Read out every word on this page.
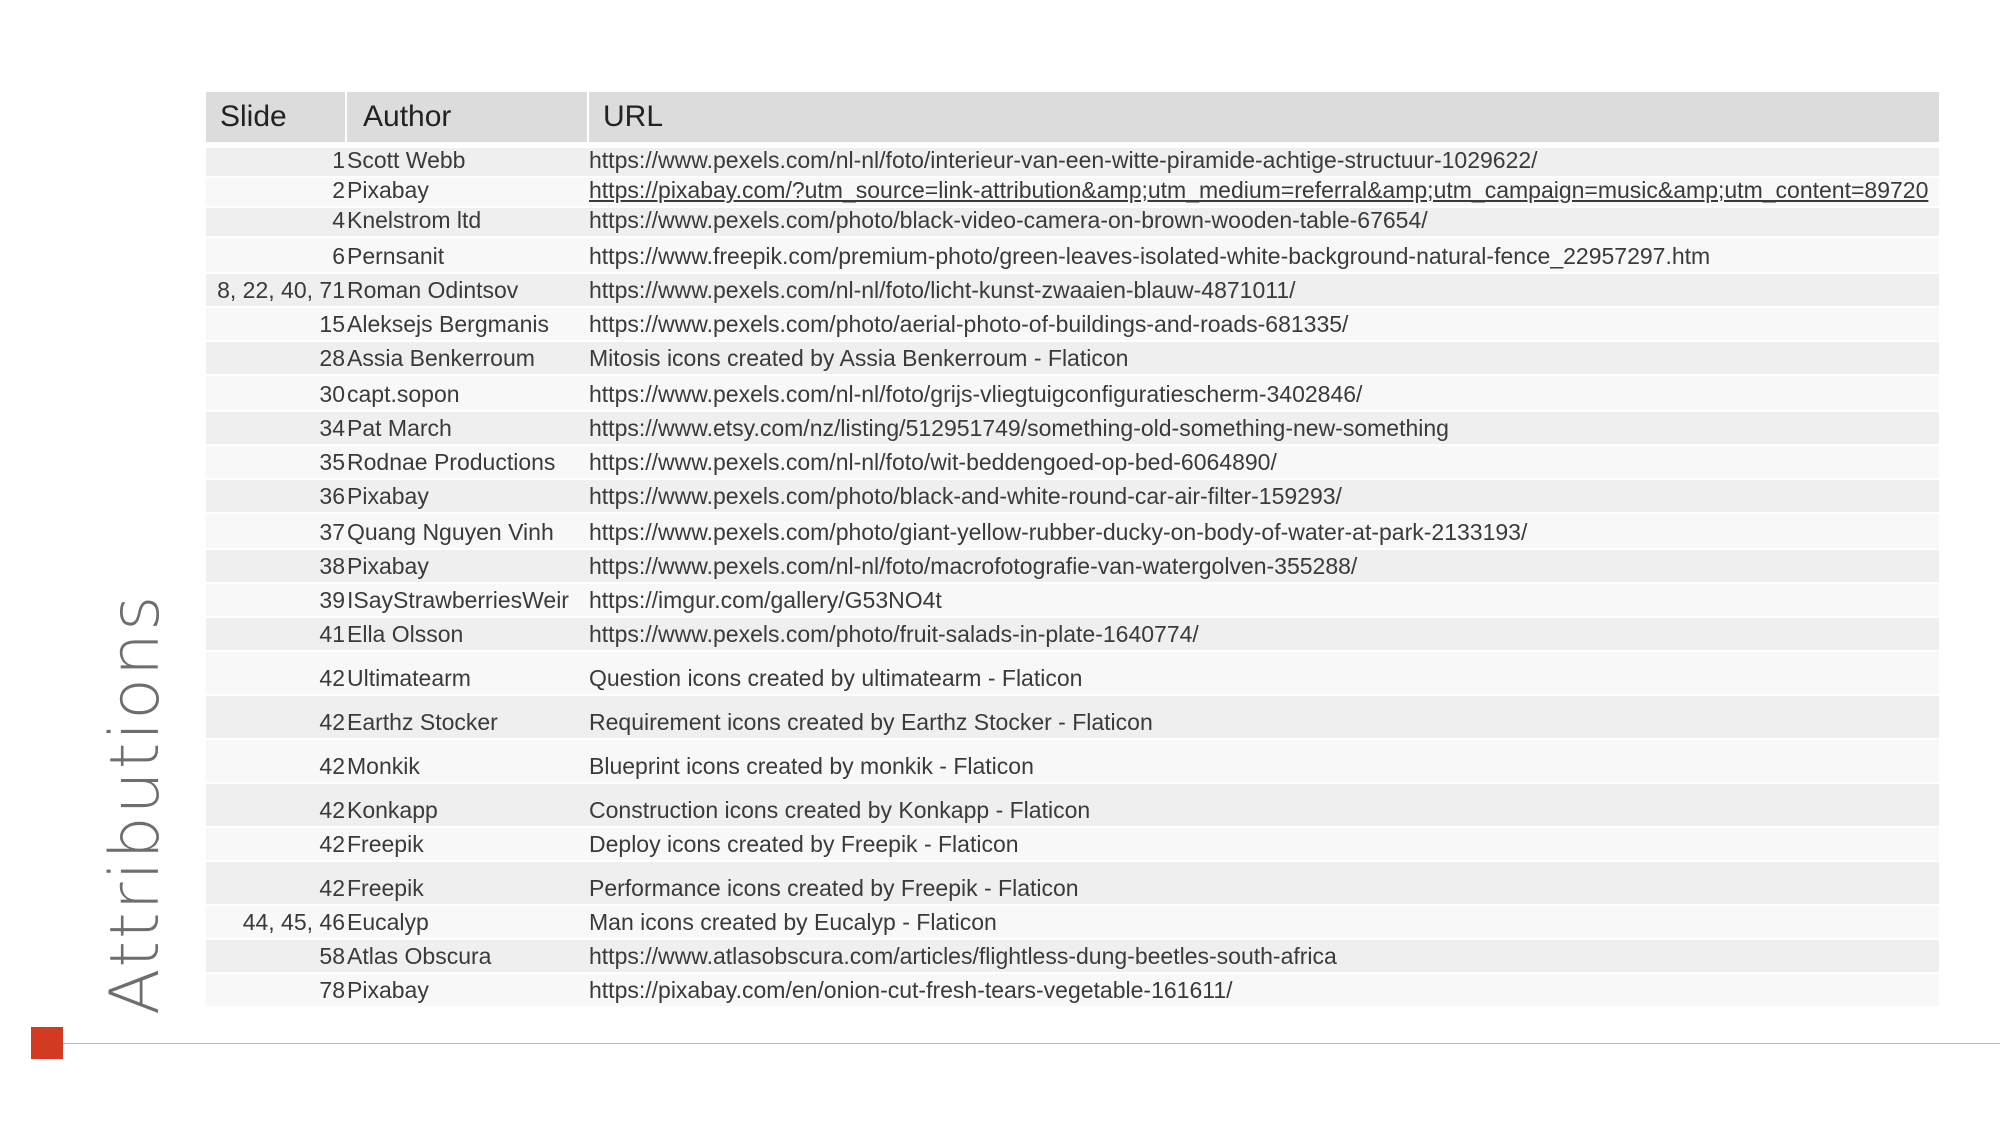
Attributions
Slide	Author	URL
1 Scott Webb	https://www.pexels.com/nl-nl/foto/interieur-van-een-witte-piramide-achtige-structuur-1029622/
2 Pixabay	https://pixabay.com/?utm_source=link-attribution&amp;utm_medium=referral&amp;utm_campaign=music&amp;utm_content=89720
4 Knelstrom ltd	https://www.pexels.com/photo/black-video-camera-on-brown-wooden-table-67654/
6 Pernsanit	https://www.freepik.com/premium-photo/green-leaves-isolated-white-background-natural-fence_22957297.htm
8, 22, 40, 71 Roman Odintsov	https://www.pexels.com/nl-nl/foto/licht-kunst-zwaaien-blauw-4871011/
15 Aleksejs Bergmanis	https://www.pexels.com/photo/aerial-photo-of-buildings-and-roads-681335/
28 Assia Benkerroum	Mitosis icons created by Assia Benkerroum - Flaticon
30 capt.sopon	https://www.pexels.com/nl-nl/foto/grijs-vliegtuigconfiguratiescherm-3402846/
34 Pat March	https://www.etsy.com/nz/listing/512951749/something-old-something-new-something
35 Rodnae Productions	https://www.pexels.com/nl-nl/foto/wit-beddengoed-op-bed-6064890/
36 Pixabay	https://www.pexels.com/photo/black-and-white-round-car-air-filter-159293/
37 Quang Nguyen Vinh	https://www.pexels.com/photo/giant-yellow-rubber-ducky-on-body-of-water-at-park-2133193/
38 Pixabay	https://www.pexels.com/nl-nl/foto/macrofotografie-van-watergolven-355288/
39 ISayStrawberriesWeir https://imgur.com/gallery/G53NO4t
41 Ella Olsson	https://www.pexels.com/photo/fruit-salads-in-plate-1640774/
42 Ultimatearm	Question icons created by ultimatearm - Flaticon
42 Earthz Stocker	Requirement icons created by Earthz Stocker - Flaticon
42 Monkik	Blueprint icons created by monkik - Flaticon
42 Konkapp	Construction icons created by Konkapp - Flaticon
42 Freepik	Deploy icons created by Freepik - Flaticon
42 Freepik	Performance icons created by Freepik - Flaticon
44, 45, 46 Eucalyp	Man icons created by Eucalyp - Flaticon
58 Atlas Obscura	https://www.atlasobscura.com/articles/flightless-dung-beetles-south-africa
78 Pixabay	https://pixabay.com/en/onion-cut-fresh-tears-vegetable-161611/
